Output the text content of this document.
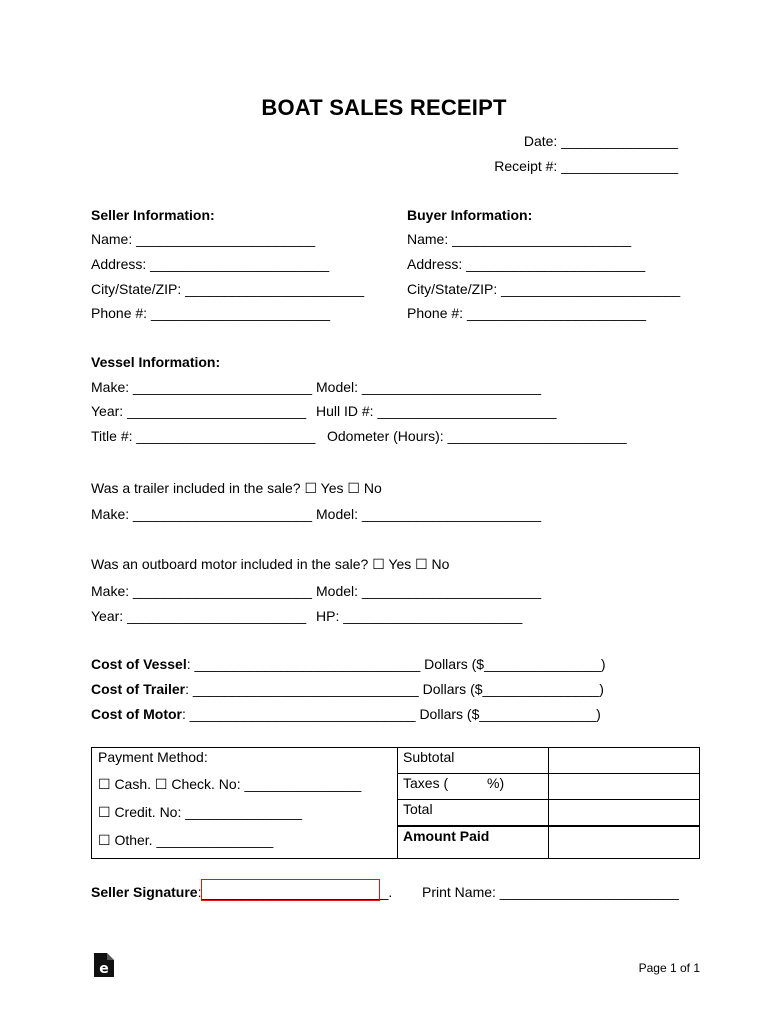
BOAT SALES RECEIPT
Date: _______________
Receipt #: _______________
Seller Information:
Name: _______________________
Address: _______________________
City/State/ZIP: _______________________
Phone #: _______________________
Buyer Information:
Name: _______________________
Address: _______________________
City/State/ZIP: _______________________
Phone #: _______________________
Vessel Information:
Make: _______________________ Model: _______________________
Year: _______________________ Hull ID #: _______________________
Title #: _______________________ Odometer (Hours): _______________________
Was a trailer included in the sale? ☐ Yes ☐ No
Make: _______________________ Model: _______________________
Was an outboard motor included in the sale? ☐ Yes ☐ No
Make: _______________________ Model: _______________________
Year: _______________________ HP: _______________________
Cost of Vessel: _____________________________ Dollars ($_______________)
Cost of Trailer: _____________________________ Dollars ($_______________)
Cost of Motor: _____________________________ Dollars ($_______________)
Payment Method:
☐ Cash. ☐ Check. No: _______________
☐ Credit. No: _______________
☐ Other. _______________
Subtotal
Taxes (          %)
Total
Amount Paid
Seller Signature:________________________. Print Name: _______________________
e	Page 1 of 1
